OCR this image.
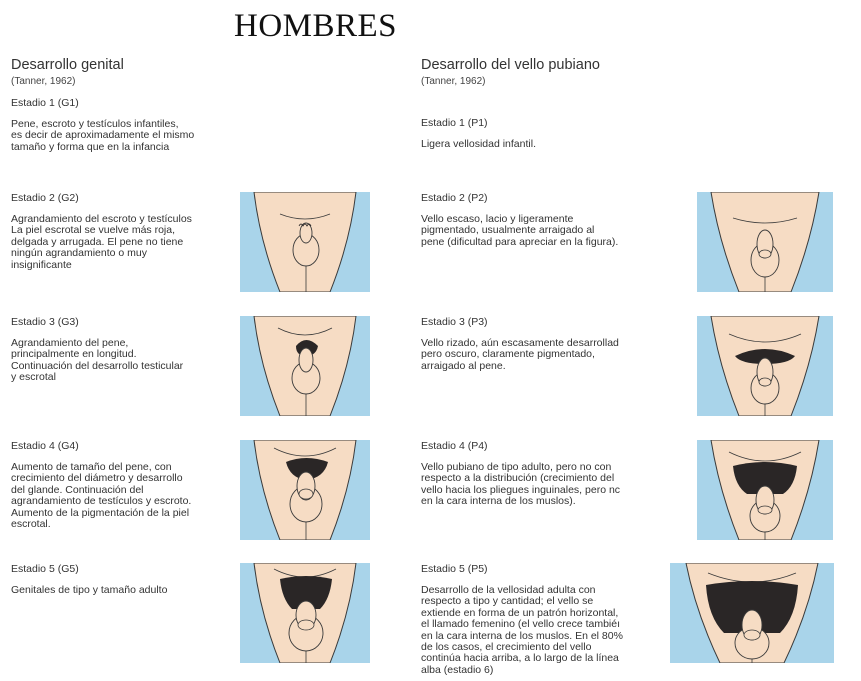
HOMBRES
Desarrollo genital
(Tanner, 1962)
Desarrollo del vello pubiano
(Tanner, 1962)
Estadio 1 (G1)
Pene, escroto y testículos infantiles,
es decir de aproximadamente el mismo
tamaño y forma que en la infancia
Estadio 2 (G2)
Agrandamiento del escroto y testículos
La piel escrotal se vuelve más roja,
delgada y arrugada. El pene no tiene
ningún agrandamiento o muy
insignificante
Estadio 3 (G3)
Agrandamiento del pene,
principalmente en longitud.
Continuación del desarrollo testicular
y escrotal
Estadio 4 (G4)
Aumento de tamaño del pene, con
crecimiento del diámetro y desarrollo
del glande. Continuación del
agrandamiento de testículos y escroto.
Aumento de la pigmentación de la piel
escrotal.
Estadio 5 (G5)
Genitales de tipo y tamaño adulto
Estadio 1 (P1)
Ligera vellosidad infantil.
Estadio 2 (P2)
Vello escaso, lacio y ligeramente
pigmentado, usualmente arraigado al
pene (dificultad para apreciar en la figura).
Estadio 3 (P3)
Vello rizado, aún escasamente desarrollad
pero oscuro, claramente pigmentado,
arraigado al pene.
Estadio 4 (P4)
Vello pubiano de tipo adulto, pero no con
respecto a la distribución (crecimiento del
vello hacia los pliegues inguinales, pero nc
en la cara interna de los muslos).
Estadio 5 (P5)
Desarrollo de la vellosidad adulta con
respecto a tipo y cantidad; el vello se
extiende en forma de un patrón horizontal,
el llamado femenino (el vello crece tambiéı
en la cara interna de los muslos. En el 80%
de los casos, el crecimiento del vello
continúa hacia arriba, a lo largo de la línea
alba (estadio 6)
